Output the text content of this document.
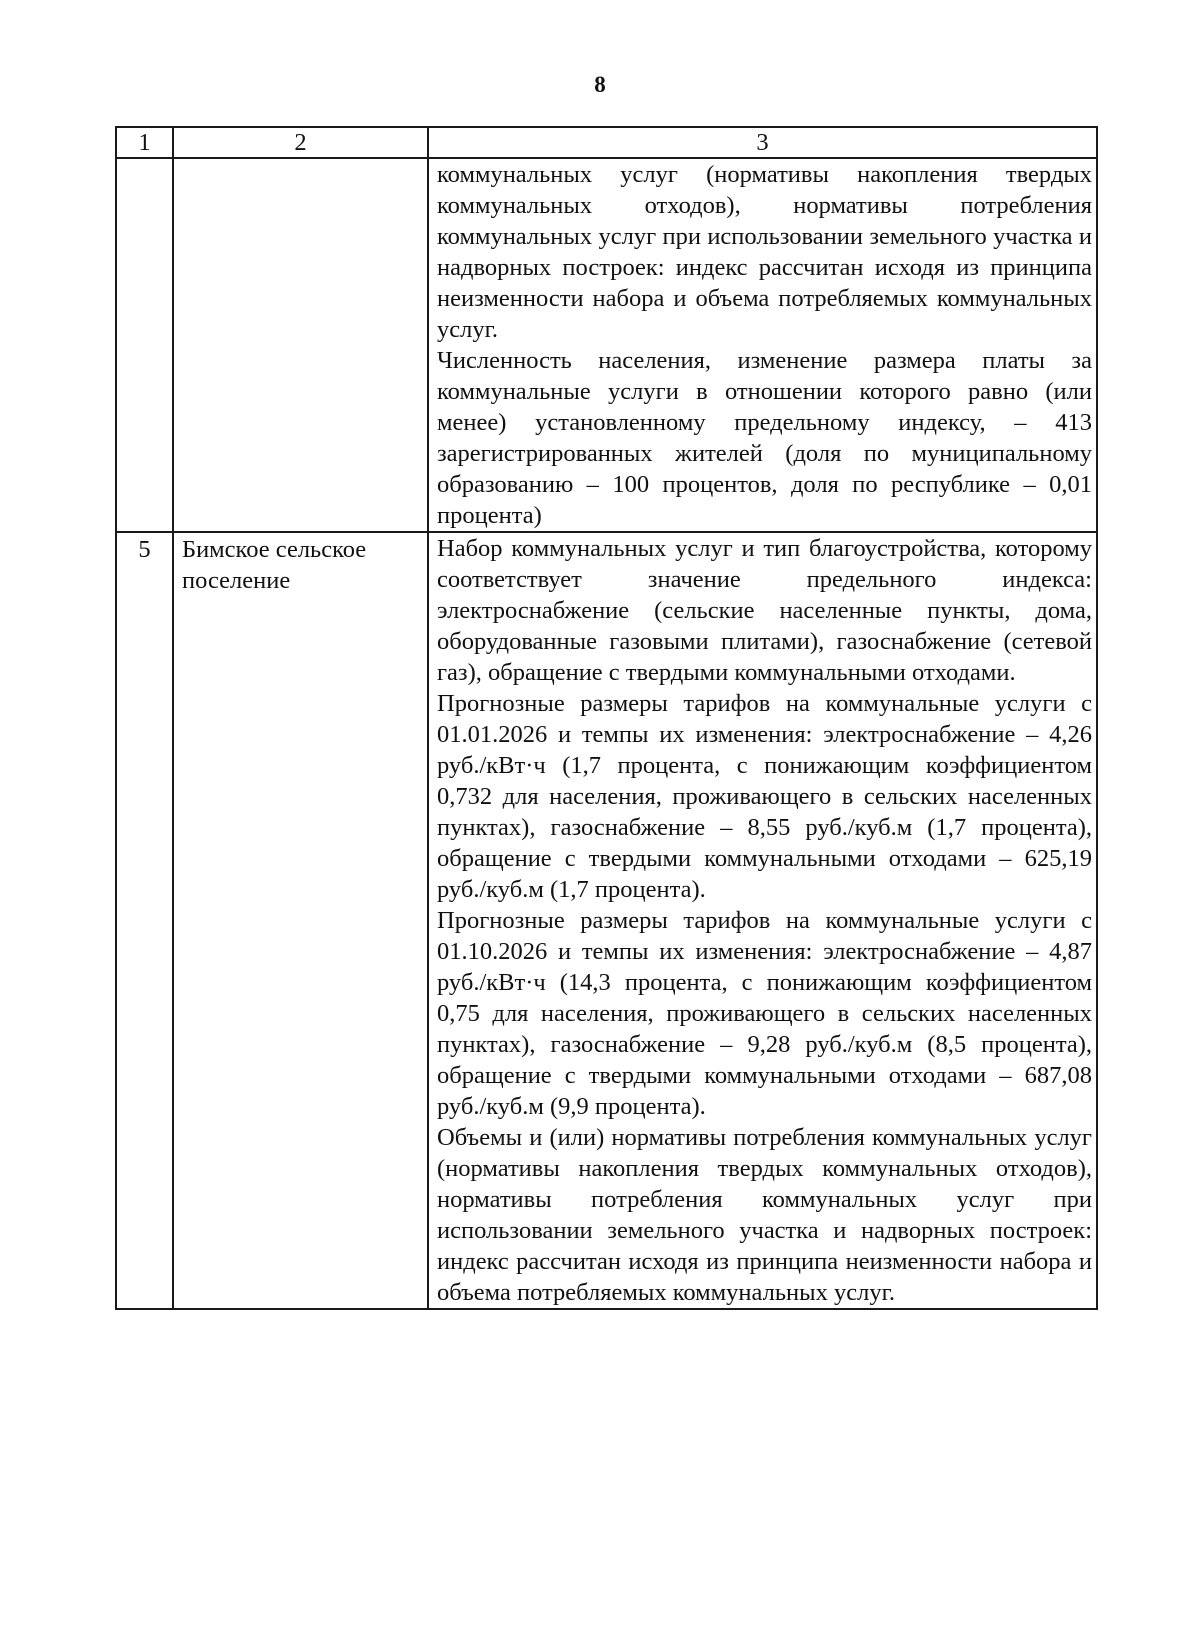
8
1	2	3

		коммунальных услуг (нормативы накопления твердых коммунальных отходов), нормативы потребления коммунальных услуг при использовании земельного участка и надворных построек: индекс рассчитан исходя из принципа неизменности набора и объема потребляемых коммунальных услуг.

Численность населения, изменение размера платы за коммунальные услуги в отношении которого равно (или менее) установленному предельному индексу, – 413 зарегистрированных жителей (доля по муниципальному образованию – 100 процентов, доля по республике – 0,01 процента)

5	Бимское сельское поселение	Набор коммунальных услуг и тип благоустройства, которому соответствует значение предельного индекса: электроснабжение (сельские населенные пункты, дома, оборудованные газовыми плитами), газоснабжение (сетевой газ), обращение с твердыми коммунальными отходами.

Прогнозные размеры тарифов на коммунальные услуги с 01.01.2026 и темпы их изменения: электроснабжение – 4,26 руб./кВт·ч (1,7 процента, с понижающим коэффициентом 0,732 для населения, проживающего в сельских населенных пунктах), газоснабжение – 8,55 руб./куб.м (1,7 процента), обращение с твердыми коммунальными отходами – 625,19 руб./куб.м (1,7 процента).

Прогнозные размеры тарифов на коммунальные услуги с 01.10.2026 и темпы их изменения: электроснабжение – 4,87 руб./кВт·ч (14,3 процента, с понижающим коэффициентом 0,75 для населения, проживающего в сельских населенных пунктах), газоснабжение – 9,28 руб./куб.м (8,5 процента), обращение с твердыми коммунальными отходами – 687,08 руб./куб.м (9,9 процента).

Объемы и (или) нормативы потребления коммунальных услуг (нормативы накопления твердых коммунальных отходов), нормативы потребления коммунальных услуг при использовании земельного участка и надворных построек: индекс рассчитан исходя из принципа неизменности набора и объема потребляемых коммунальных услуг.
